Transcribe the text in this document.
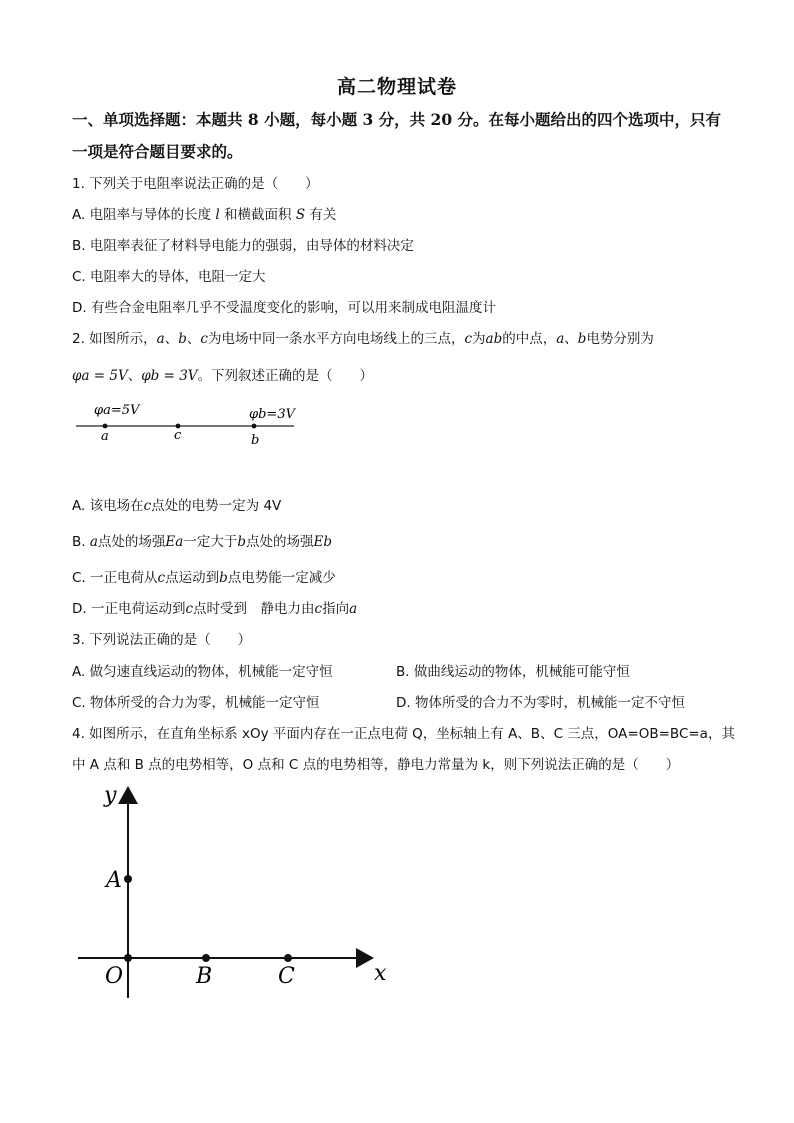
高二物理试卷
一、单项选择题：本题共 8 小题，每小题 3 分，共 20 分。在每小题给出的四个选项中，只有一项是符合题目要求的。
1. 下列关于电阻率说法正确的是（　　）
A. 电阻率与导体的长度 l 和横截面积 S 有关
B. 电阻率表征了材料导电能力的强弱，由导体的材料决定
C. 电阻率大的导体，电阻一定大
D. 有些合金电阻率几乎不受温度变化的影响，可以用来制成电阻温度计
2. 如图所示，a、b、c为电场中同一条水平方向电场线上的三点，c为ab的中点，a、b电势分别为
φa = 5V、φb = 3V。下列叙述正确的是（　　）
φa=5V	φb=3V
a	c	b
A. 该电场在c点处的电势一定为 4V
B. a点处的场强Ea一定大于b点处的场强Eb
C. 一正电荷从c点运动到b点电势能一定减少
D. 一正电荷运动到c点时受到　静电力由c指向a
3. 下列说法正确的是（　　）
A. 做匀速直线运动的物体，机械能一定守恒	B. 做曲线运动的物体，机械能可能守恒
C. 物体所受的合力为零，机械能一定守恒	D. 物体所受的合力不为零时，机械能一定不守恒
4. 如图所示，在直角坐标系 xOy 平面内存在一正点电荷 Q，坐标轴上有 A、B、C 三点，OA=OB=BC=a，其
中 A 点和 B 点的电势相等，O 点和 C 点的电势相等，静电力常量为 k，则下列说法正确的是（　　）
y
x
A
O	B	C
